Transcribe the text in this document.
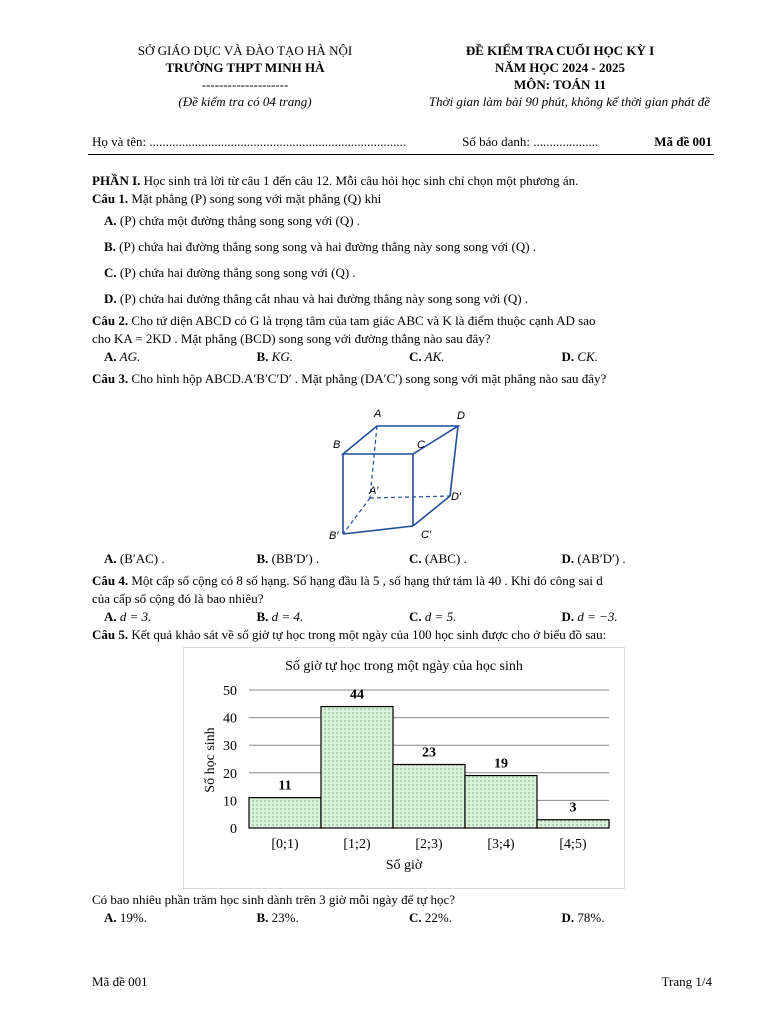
SỞ GIÁO DỤC VÀ ĐÀO TẠO HÀ NỘI
TRƯỜNG THPT MINH HÀ
--------------------
(Đề kiểm tra có 04 trang)
ĐỀ KIỂM TRA CUỐI HỌC KỲ I
NĂM HỌC 2024 - 2025
MÔN: TOÁN 11
Thời gian làm bài 90 phút, không kể thời gian phát đề
Họ và tên: ...............................................................................	Số báo danh: ....................	Mã đề 001
PHẦN I. Học sinh trả lời từ câu 1 đến câu 12. Mỗi câu hỏi học sinh chỉ chọn một phương án.
Câu 1. Mặt phẳng (P) song song với mặt phẳng (Q) khi
A. (P) chứa một đường thẳng song song với (Q) .
B. (P) chứa hai đường thẳng song song và hai đường thẳng này song song với (Q) .
C. (P) chứa hai đường thẳng song song với (Q) .
D. (P) chứa hai đường thẳng cắt nhau và hai đường thẳng này song song với (Q) .
Câu 2. Cho tứ diện ABCD có G là trọng tâm của tam giác ABC và K là điểm thuộc cạnh AD sao
cho KA = 2KD . Mặt phẳng (BCD) song song với đường thẳng nào sau đây?
A. AG.	B. KG.	C. AK.	D. CK.
Câu 3. Cho hình hộp ABCD.A′B′C′D′ . Mặt phẳng (DA′C′) song song với mặt phẳng nào sau đây?
A	D
B	C
A′	D′
B′	C′
A. (B′AC) .	B. (BB′D′) .	C. (ABC) .	D. (AB′D′) .
Câu 4. Một cấp số cộng có 8 số hạng. Số hạng đầu là 5 , số hạng thứ tám là 40 . Khi đó công sai d
của cấp số cộng đó là bao nhiêu?
A. d = 3.	B. d = 4.	C. d = 5.	D. d = −3.
Câu 5. Kết quả khảo sát về số giờ tự học trong một ngày của 100 học sinh được cho ở biểu đồ sau:
Số giờ tự học trong một ngày của học sinh
0
10
20
30
40
50
11
[0;1)
44
[1;2)
23
[2;3)
19
[3;4)
3
[4;5)
Số giờ
Số học sinh
Có bao nhiêu phần trăm học sinh dành trên 3 giờ mỗi ngày để tự học?
A. 19%.	B. 23%.	C. 22%.	D. 78%.
Mã đề 001	Trang 1/4
